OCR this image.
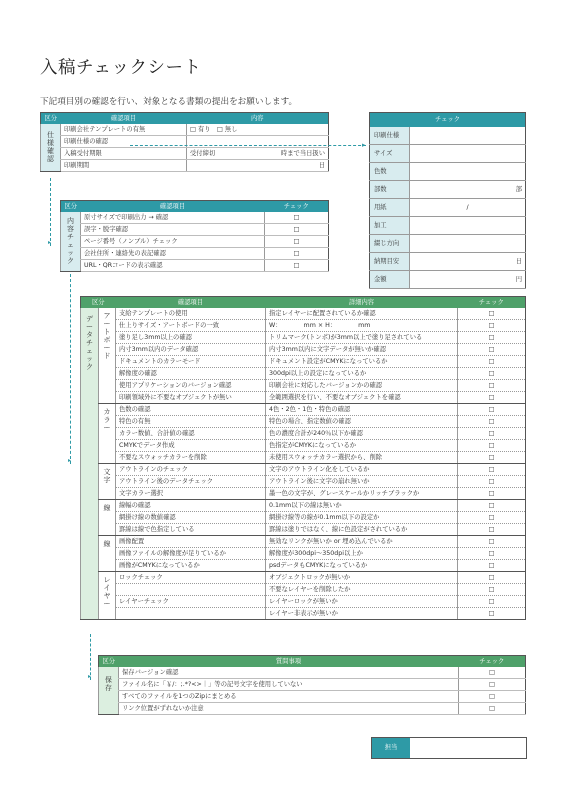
入稿チェックシート
下記項目別の確認を行い、対象となる書類の提出をお願いします。
区分	確認項目	内容	

仕様確認	印刷会社テンプレートの有無	□ 有り　□ 無し	
	印刷仕様の確認		
	入稿受付期限	受付締切	時まで当日扱い
	印刷期間		日
チェック	
印刷仕様	
サイズ	
色数	
部数	部
用紙	/
加工	
綴じ方向	
納期目安	日
金額	円
▸
▸
区分	確認項目	チェック

内容チェック	原寸サイズで印刷出力 → 確認	□
	誤字・脱字確認	□
	ページ番号（ノンブル）チェック	□
	会社住所・連絡先の表記確認	□
	URL・QRコードの表示確認	□
▸
区分		確認項目	詳細内容	チェック

データチェック	アートボード	支給テンプレートの使用	指定レイヤーに配置されているか確認	□
		仕上りサイズ・アートボードの一致	W：　　　　mm × H：　　　　mm	□
		塗り足し3mm以上の確認	トリムマーク(トンボ)が3mm以上で塗り足されている	□
		内寸3mm以内のデータ確認	内寸3mm以内に文字データが無いか確認	□
		ドキュメントのカラーモード	ドキュメント設定がCMYKになっているか	□
		解像度の確認	300dpi以上の設定になっているか	□
		使用アプリケーションのバージョン確認	印刷会社に対応したバージョンかの確認	□
		印刷領域外に不要なオブジェクトが無い	全範囲選択を行い、不要なオブジェクトを確認	□

	カラー	色数の確認	4色・2色・1色・特色の確認	□
		特色の有無	特色の場合、指定数値の確認	□
		カラー数値、合計値の確認	色の濃度合計が240％以下か確認	□
		CMYKでデータ作成	色指定がCMYKになっているか	□
		不要なスウォッチカラーを削除	未使用スウォッチカラー選択から、削除	□

	文字	アウトラインのチェック	文字のアウトライン化をしているか	□
		アウトライン後のデータチェック	アウトライン後に文字の崩れ無いか	□
		文字カラー選択	墨一色の文字が、グレースケールかリッチブラックか	□

	線	線幅の確認	0.1mm以下の線は無いか	□
		網掛け線の数値確認	網掛け線等の線が0.1mm以下の設定か	□
		罫線は線で色指定している	罫線は塗りではなく、線に色設定がされているか	□

	線	画像配置	無効なリンクが無いか or 埋め込んでいるか	□
		画像ファイルの解像度が足りているか	解像度が300dpi〜350dpi以上か	□
		画像がCMYKになっているか	psdデータもCMYKになっているか	□

	レイヤー	ロックチェック	オブジェクトロックが無いか	□
			不要なレイヤーを削除したか	□
		レイヤーチェック	レイヤーロックが無いか	□
			レイヤー非表示が無いか	□
▸
区分	質問事項	チェック

保存	保存バージョン確認	□
	ファイル名に「￥/：;.*?<>｜」等の記号文字を使用していない	□
	すべてのファイルを1つのZipにまとめる	□
	リンク位置がずれないか注意	□
担当
